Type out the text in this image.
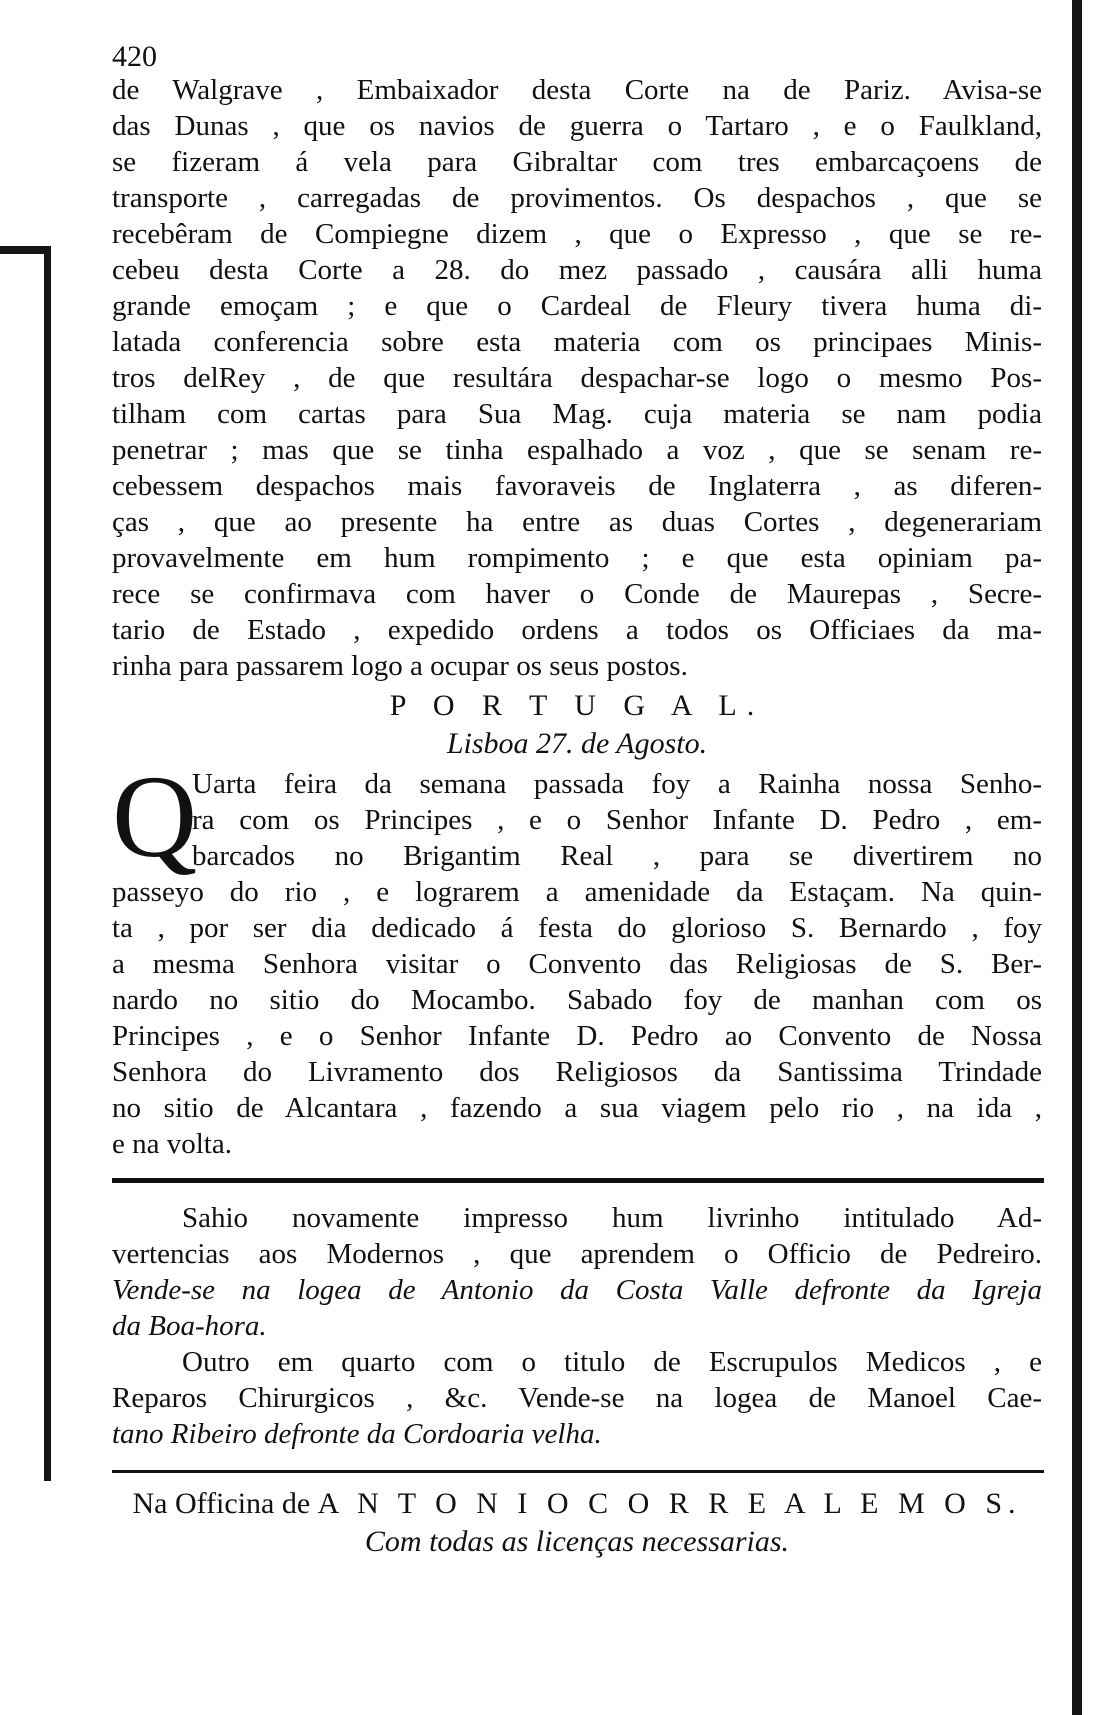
420
de Walgrave , Embaixador desta Corte na de Pariz. Avisa-se
das Dunas , que os navios de guerra o Tartaro , e o Faulkland,
se fizeram á vela para Gibraltar com tres embarcaçoens de
transporte , carregadas de provimentos. Os despachos , que se
recebêram de Compiegne dizem , que o Expresso , que se re-
cebeu desta Corte a 28. do mez passado , causára alli huma
grande emoçam ; e que o Cardeal de Fleury tivera huma di-
latada conferencia sobre esta materia com os principaes Minis-
tros delRey , de que resultára despachar-se logo o mesmo Pos-
tilham com cartas para Sua Mag. cuja materia se nam podia
penetrar ; mas que se tinha espalhado a voz , que se senam re-
cebessem despachos mais favoraveis de Inglaterra , as diferen-
ças , que ao presente ha entre as duas Cortes , degenerariam
provavelmente em hum rompimento ; e que esta opiniam pa-
rece se confirmava com haver o Conde de Maurepas , Secre-
tario de Estado , expedido ordens a todos os Officiaes da ma-
rinha para passarem logo a ocupar os seus postos.
P O R T U G A L.
Lisboa 27. de Agosto.
Q
Uarta feira da semana passada foy a Rainha nossa Senho-
ra com os Principes , e o Senhor Infante D. Pedro , em-
barcados no Brigantim Real , para se divertirem no
passeyo do rio , e lograrem a amenidade da Estaçam. Na quin-
ta , por ser dia dedicado á festa do glorioso S. Bernardo , foy
a mesma Senhora visitar o Convento das Religiosas de S. Ber-
nardo no sitio do Mocambo. Sabado foy de manhan com os
Principes , e o Senhor Infante D. Pedro ao Convento de Nossa
Senhora do Livramento dos Religiosos da Santissima Trindade
no sitio de Alcantara , fazendo a sua viagem pelo rio , na ida ,
e na volta.
Sahio novamente impresso hum livrinho intitulado Ad-
vertencias aos Modernos , que aprendem o Officio de Pedreiro.
Vende-se na logea de Antonio da Costa Valle defronte da Igreja
da Boa-hora.
Outro em quarto com o titulo de Escrupulos Medicos , e
Reparos Chirurgicos , &c. Vende-se na logea de Manoel Cae-
tano Ribeiro defronte da Cordoaria velha.
Na Officina de A N T O N I O C O R R E A L E M O S.
Com todas as licenças necessarias.
